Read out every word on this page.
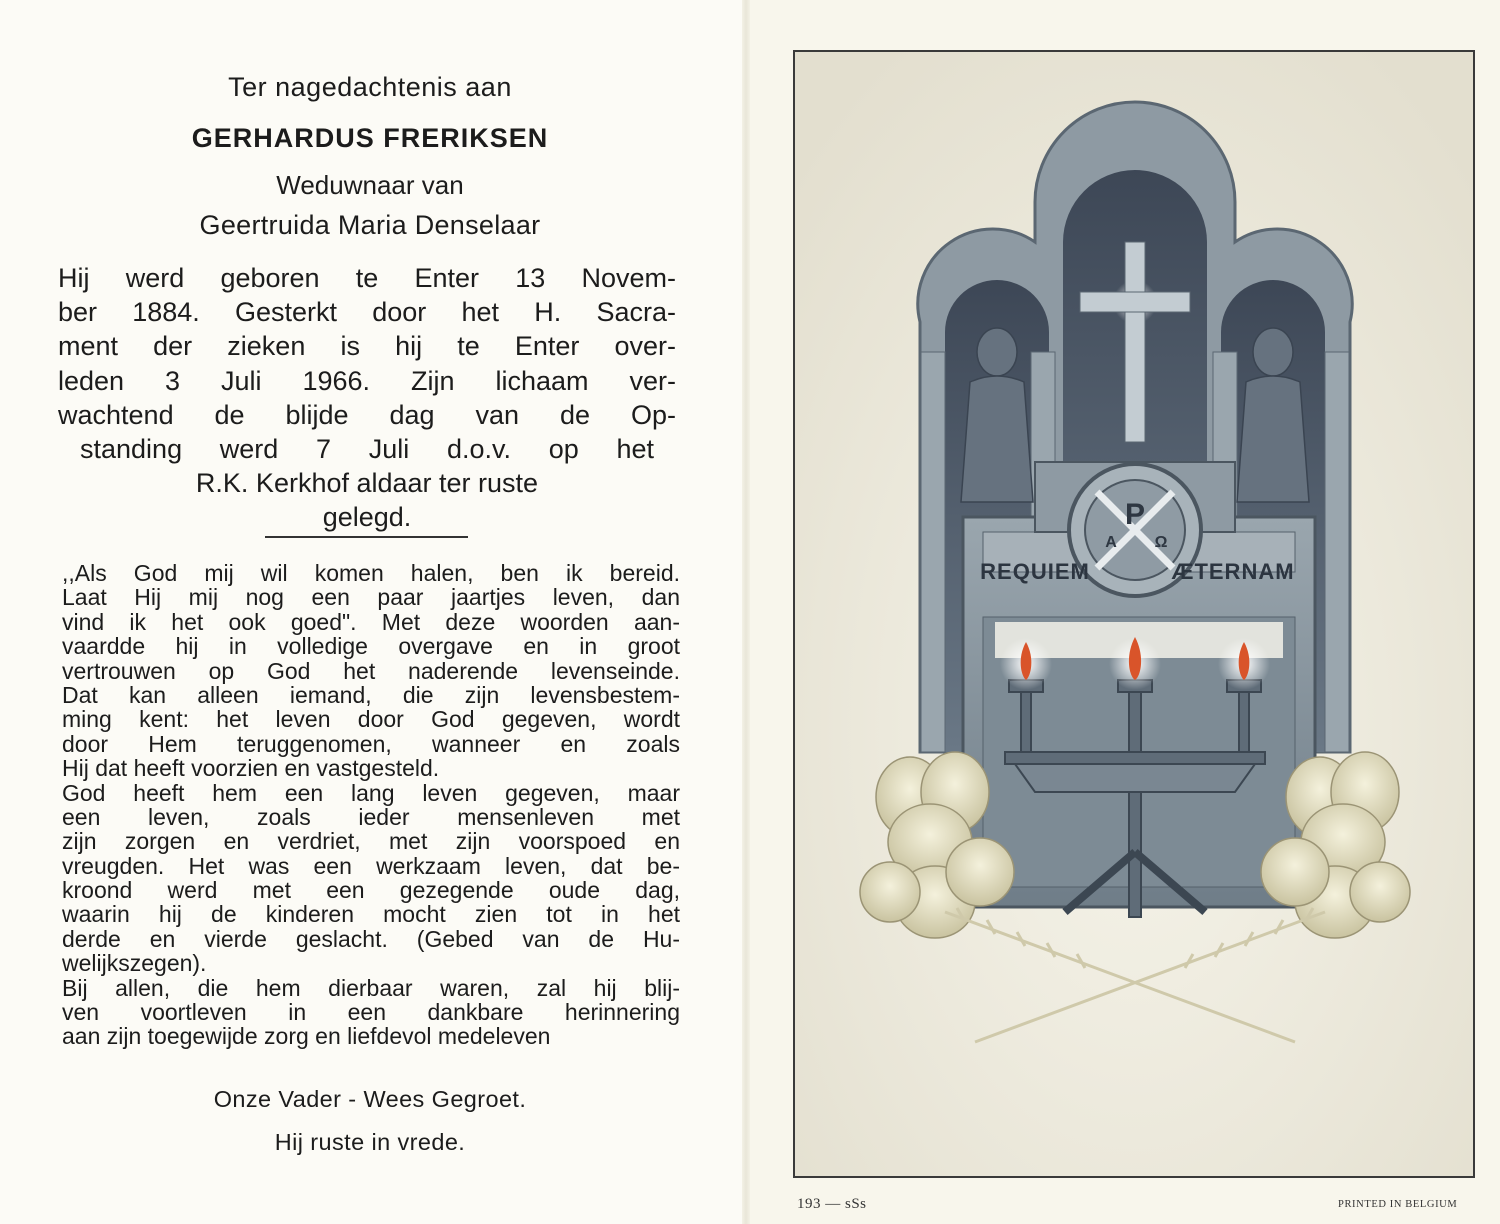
Ter nagedachtenis aan
GERHARDUS FRERIKSEN
Weduwnaar van
Geertruida Maria Denselaar
Hij werd geboren te Enter 13 Novem-
ber 1884. Gesterkt door het H. Sacra-
ment der zieken is hij te Enter over-
leden 3 Juli 1966. Zijn lichaam ver-
wachtend de blijde dag van de Op-
standing werd 7 Juli d.o.v. op het
R.K. Kerkhof aldaar ter ruste
gelegd.
,,Als God mij wil komen halen, ben ik bereid.
Laat Hij mij nog een paar jaartjes leven, dan
vind ik het ook goed". Met deze woorden aan-
vaardde hij in volledige overgave en in groot
vertrouwen op God het naderende levenseinde.
Dat kan alleen iemand, die zijn levensbestem-
ming kent: het leven door God gegeven, wordt
door Hem teruggenomen, wanneer en zoals
Hij dat heeft voorzien en vastgesteld.
God heeft hem een lang leven gegeven, maar
een leven, zoals ieder mensenleven met
zijn zorgen en verdriet, met zijn voorspoed en
vreugden. Het was een werkzaam leven, dat be-
kroond werd met een gezegende oude dag,
waarin hij de kinderen mocht zien tot in het
derde en vierde geslacht. (Gebed van de Hu-
welijkszegen).
Bij allen, die hem dierbaar waren, zal hij blij-
ven voortleven in een dankbare herinnering
aan zijn toegewijde zorg en liefdevol medeleven
Onze Vader - Wees Gegroet.
Hij ruste in vrede.
P
A Ω
REQUIEM	ÆTERNAM
193 — sSs	PRINTED IN BELGIUM
